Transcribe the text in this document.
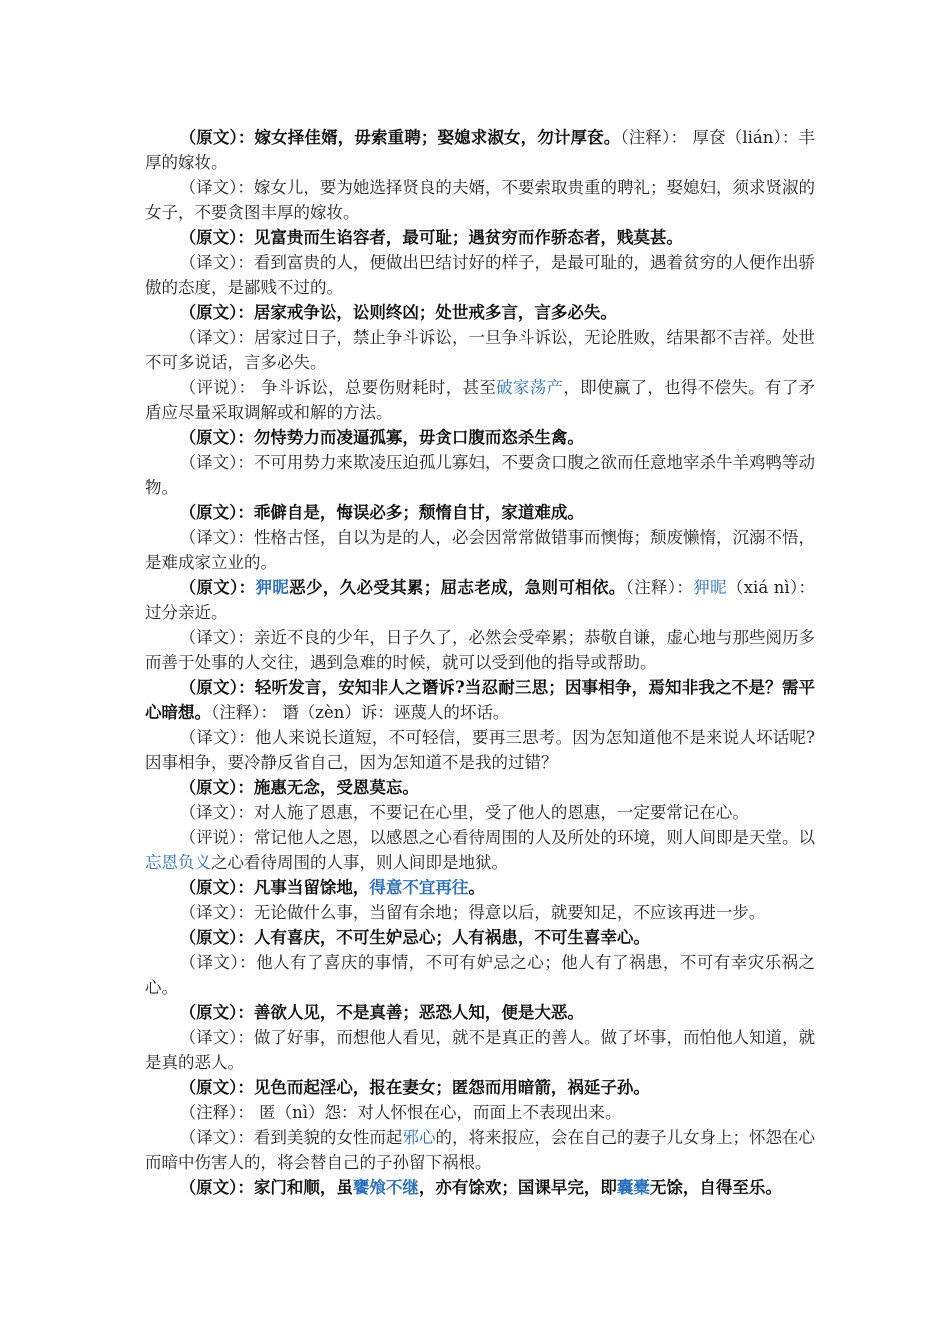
（原文）：嫁女择佳婿，毋索重聘；娶媳求淑女，勿计厚奁。（注释）： 厚奁（lián）：丰厚的嫁妆。

（译文）：嫁女儿，要为她选择贤良的夫婿，不要索取贵重的聘礼；娶媳妇，须求贤淑的女子，不要贪图丰厚的嫁妆。

（原文）：见富贵而生谄容者，最可耻；遇贫穷而作骄态者，贱莫甚。

（译文）：看到富贵的人，便做出巴结讨好的样子，是最可耻的，遇着贫穷的人便作出骄傲的态度，是鄙贱不过的。

（原文）：居家戒争讼，讼则终凶；处世戒多言，言多必失。

（译文）：居家过日子，禁止争斗诉讼，一旦争斗诉讼，无论胜败，结果都不吉祥。处世不可多说话，言多必失。

（评说）： 争斗诉讼，总要伤财耗时，甚至破家荡产，即使赢了，也得不偿失。有了矛盾应尽量采取调解或和解的方法。

（原文）：勿恃势力而凌逼孤寡，毋贪口腹而恣杀生禽。

（译文）：不可用势力来欺凌压迫孤儿寡妇，不要贪口腹之欲而任意地宰杀牛羊鸡鸭等动物。

（原文）：乖僻自是，悔误必多；颓惰自甘，家道难成。

（译文）：性格古怪，自以为是的人，必会因常常做错事而懊悔；颓废懒惰，沉溺不悟，是难成家立业的。

（原文）：狎昵恶少，久必受其累；屈志老成，急则可相依。（注释）：狎昵（xiá nì）：过分亲近。

（译文）：亲近不良的少年，日子久了，必然会受牵累；恭敬自谦，虚心地与那些阅历多而善于处事的人交往，遇到急难的时候，就可以受到他的指导或帮助。

（原文）：轻听发言，安知非人之谮诉?当忍耐三思；因事相争，焉知非我之不是？需平心暗想。（注释）： 谮（zèn）诉：诬蔑人的坏话。

（译文）：他人来说长道短，不可轻信，要再三思考。因为怎知道他不是来说人坏话呢?因事相争，要冷静反省自己，因为怎知道不是我的过错？

（原文）：施惠无念，受恩莫忘。

（译文）：对人施了恩惠，不要记在心里，受了他人的恩惠，一定要常记在心。

（评说）：常记他人之恩，以感恩之心看待周围的人及所处的环境，则人间即是天堂。以忘恩负义之心看待周围的人事，则人间即是地狱。

（原文）：凡事当留馀地，得意不宜再往。

（译文）：无论做什么事，当留有余地；得意以后，就要知足，不应该再进一步。

（原文）：人有喜庆，不可生妒忌心；人有祸患，不可生喜幸心。

（译文）：他人有了喜庆的事情，不可有妒忌之心；他人有了祸患，不可有幸灾乐祸之心。

（原文）：善欲人见，不是真善；恶恐人知，便是大恶。

（译文）：做了好事，而想他人看见，就不是真正的善人。做了坏事，而怕他人知道，就是真的恶人。

（原文）：见色而起淫心，报在妻女；匿怨而用暗箭，祸延子孙。

（注释）： 匿（nì）怨：对人怀恨在心，而面上不表现出来。

（译文）：看到美貌的女性而起邪心的，将来报应，会在自己的妻子儿女身上；怀怨在心而暗中伤害人的，将会替自己的子孙留下祸根。

（原文）：家门和顺，虽饔飧不继，亦有馀欢；国课早完，即囊橐无馀，自得至乐。
